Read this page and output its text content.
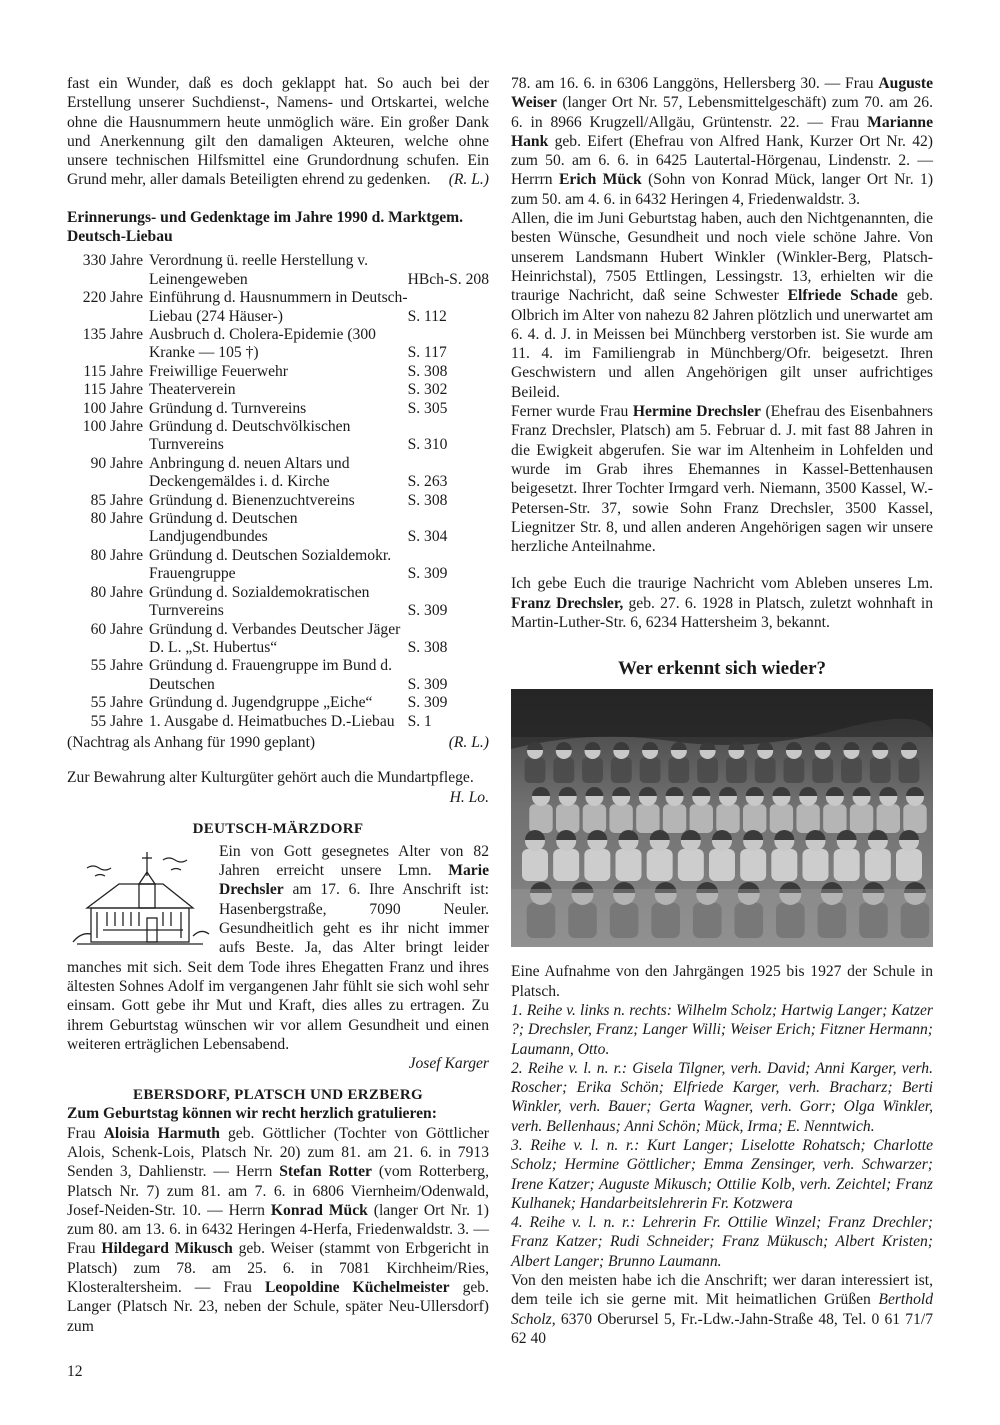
fast ein Wunder, daß es doch geklappt hat. So auch bei der Erstellung unserer Suchdienst-, Namens- und Ortskartei, welche ohne die Hausnummern heute unmöglich wäre. Ein großer Dank und Anerkennung gilt den damaligen Akteuren, welche ohne unsere technischen Hilfsmittel eine Grundordnung schufen. Ein Grund mehr, aller damals Beteiligten ehrend zu gedenken. (R. L.)

Erinnerungs- und Gedenktage im Jahre 1990 d. Marktgem. Deutsch-Liebau

330 Jahre	Verordnung ü. reelle Herstellung v. Leinengeweben	HBch-S. 208
220 Jahre	Einführung d. Hausnummern in Deutsch-Liebau (274 Häuser-)	S. 112
135 Jahre	Ausbruch d. Cholera-Epidemie (300 Kranke — 105 †)	S. 117
115 Jahre	Freiwillige Feuerwehr	S. 308
115 Jahre	Theaterverein	S. 302
100 Jahre	Gründung d. Turnvereins	S. 305
100 Jahre	Gründung d. Deutschvölkischen Turnvereins	S. 310
90 Jahre	Anbringung d. neuen Altars und Deckengemäldes i. d. Kirche	S. 263
85 Jahre	Gründung d. Bienenzuchtvereins	S. 308
80 Jahre	Gründung d. Deutschen Landjugendbundes	S. 304
80 Jahre	Gründung d. Deutschen Sozialdemokr. Frauengruppe	S. 309
80 Jahre	Gründung d. Sozialdemokratischen Turnvereins	S. 309
60 Jahre	Gründung d. Verbandes Deutscher Jäger D. L. „St. Hubertus“	S. 308
55 Jahre	Gründung d. Frauengruppe im Bund d. Deutschen	S. 309
55 Jahre	Gründung d. Jugendgruppe „Eiche“	S. 309
55 Jahre	1. Ausgabe d. Heimatbuches D.-Liebau	S. 1
(Nachtrag als Anhang für 1990 geplant)	(R. L.)

Zur Bewahrung alter Kulturgüter gehört auch die Mundartpflege.
H. Lo.

DEUTSCH-MÄRZDORF

Ein von Gott gesegnetes Alter von 82 Jahren erreicht unsere Lmn. Marie Drechsler am 17. 6. Ihre Anschrift ist: Hasenbergstraße, 7090 Neuler. Gesundheitlich geht es ihr nicht immer aufs Beste. Ja, das Alter bringt leider manches mit sich. Seit dem Tode ihres Ehegatten Franz und ihres ältesten Sohnes Adolf im vergangenen Jahr fühlt sie sich wohl sehr einsam. Gott gebe ihr Mut und Kraft, dies alles zu ertragen. Zu ihrem Geburtstag wünschen wir vor allem Gesundheit und einen weiteren erträglichen Lebensabend.

Josef Karger

EBERSDORF, PLATSCH UND ERZBERG

Zum Geburtstag können wir recht herzlich gratulieren:

Frau Aloisia Harmuth geb. Göttlicher (Tochter von Göttlicher Alois, Schenk-Lois, Platsch Nr. 20) zum 81. am 21. 6. in 7913 Senden 3, Dahlienstr. — Herrn Stefan Rotter (vom Rotterberg, Platsch Nr. 7) zum 81. am 7. 6. in 6806 Viernheim/Odenwald, Josef-Neiden-Str. 10. — Herrn Konrad Mück (langer Ort Nr. 1) zum 80. am 13. 6. in 6432 Heringen 4-Herfa, Friedenwaldstr. 3. — Frau Hildegard Mikusch geb. Weiser (stammt von Erbgericht in Platsch) zum 78. am 25. 6. in 7081 Kirchheim/Ries, Klosteraltersheim. — Frau Leopoldine Küchelmeister geb. Langer (Platsch Nr. 23, neben der Schule, später Neu-Ullersdorf) zum

78. am 16. 6. in 6306 Langgöns, Hellersberg 30. — Frau Auguste Weiser (langer Ort Nr. 57, Lebensmittelgeschäft) zum 70. am 26. 6. in 8966 Krugzell/Allgäu, Grüntenstr. 22. — Frau Marianne Hank geb. Eifert (Ehefrau von Alfred Hank, Kurzer Ort Nr. 42) zum 50. am 6. 6. in 6425 Lautertal-Hörgenau, Lindenstr. 2. — Herrrn Erich Mück (Sohn von Konrad Mück, langer Ort Nr. 1) zum 50. am 4. 6. in 6432 Heringen 4, Friedenwaldstr. 3.

Allen, die im Juni Geburtstag haben, auch den Nichtgenannten, die besten Wünsche, Gesundheit und noch viele schöne Jahre. Von unserem Landsmann Hubert Winkler (Winkler-Berg, Platsch-Heinrichstal), 7505 Ettlingen, Lessingstr. 13, erhielten wir die traurige Nachricht, daß seine Schwester Elfriede Schade geb. Olbrich im Alter von nahezu 82 Jahren plötzlich und unerwartet am 6. 4. d. J. in Meissen bei Münchberg verstorben ist. Sie wurde am 11. 4. im Familiengrab in Münchberg/Ofr. beigesetzt. Ihren Geschwistern und allen Angehörigen gilt unser aufrichtiges Beileid.

Ferner wurde Frau Hermine Drechsler (Ehefrau des Eisenbahners Franz Drechsler, Platsch) am 5. Februar d. J. mit fast 88 Jahren in die Ewigkeit abgerufen. Sie war im Altenheim in Lohfelden und wurde im Grab ihres Ehemannes in Kassel-Bettenhausen beigesetzt. Ihrer Tochter Irmgard verh. Niemann, 3500 Kassel, W.-Petersen-Str. 37, sowie Sohn Franz Drechsler, 3500 Kassel, Liegnitzer Str. 8, und allen anderen Angehörigen sagen wir unsere herzliche Anteilnahme.

Ich gebe Euch die traurige Nachricht vom Ableben unseres Lm. Franz Drechsler, geb. 27. 6. 1928 in Platsch, zuletzt wohnhaft in Martin-Luther-Str. 6, 6234 Hattersheim 3, bekannt.

Wer erkennt sich wieder?

Eine Aufnahme von den Jahrgängen 1925 bis 1927 der Schule in Platsch.

1. Reihe v. links n. rechts: Wilhelm Scholz; Hartwig Langer; Katzer ?; Drechsler, Franz; Langer Willi; Weiser Erich; Fitzner Hermann; Laumann, Otto.

2. Reihe v. l. n. r.: Gisela Tilgner, verh. David; Anni Karger, verh. Roscher; Erika Schön; Elfriede Karger, verh. Bracharz; Berti Winkler, verh. Bauer; Gerta Wagner, verh. Gorr; Olga Winkler, verh. Bellenhaus; Anni Schön; Mück, Irma; E. Nenntwich.

3. Reihe v. l. n. r.: Kurt Langer; Liselotte Rohatsch; Charlotte Scholz; Hermine Göttlicher; Emma Zensinger, verh. Schwarzer; Irene Katzer; Auguste Mikusch; Ottilie Kolb, verh. Zeichtel; Franz Kulhanek; Handarbeitslehrerin Fr. Kotzwera

4. Reihe v. l. n. r.: Lehrerin Fr. Ottilie Winzel; Franz Drechler; Franz Katzer; Rudi Schneider; Franz Mükusch; Albert Kristen; Albert Langer; Brunno Laumann.

Von den meisten habe ich die Anschrift; wer daran interessiert ist, dem teile ich sie gerne mit. Mit heimatlichen Grüßen Berthold Scholz, 6370 Oberursel 5, Fr.-Ldw.-Jahn-Straße 48, Tel. 0 61 71/7 62 40

12
